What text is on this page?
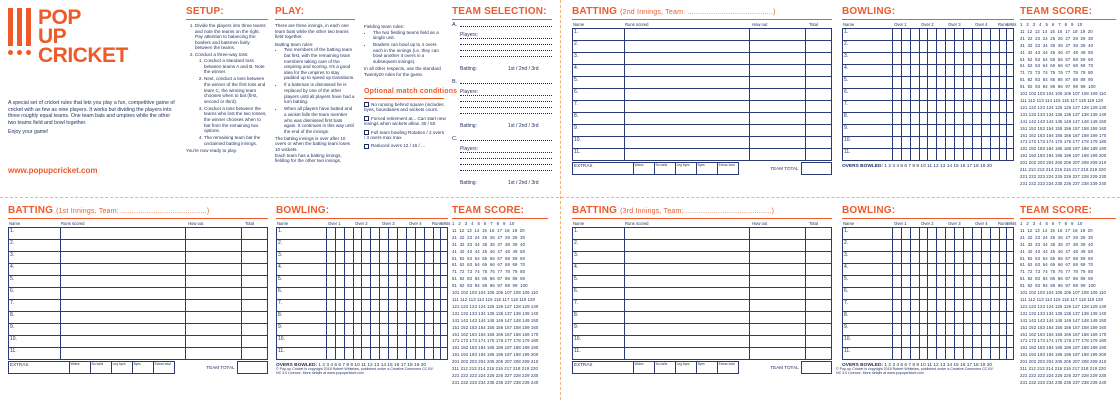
POP
UP
CRICKET
A special set of cricket rules that lets you play a fun, competitive game of cricket with as few as nine players. It works but dividing the players into three roughly equal teams. One team bats and umpires while the other two teams field and bowl together.
Enjoy your game!
www.popupcricket.com
SETUP:
1. Divide the players into three teams and note the teams on the right. Pay attention to balancing the bowlers and batsmen fairly between the teams.
2. Conduct a three-way toss:
1. Conduct a standard toss between teams A and B. Note the winner.
2. Next, conduct a toss between the winner of the first toss and team C, the winning team chooses when to bat (first, second or third).
3. Conduct a toss between the teams who lost the two tosses, the winner chooses when to bat from the remaining two options.
4. The remaining team bat the unclaimed batting innings.
You're now ready to play.
PLAY:
There are three innings, in each one team bats while the other two teams field together.
Batting team rules:
• Two members of the batting team bat first, with the remaining team members taking care of the umpiring and scoring. It's a good idea for the umpires to stay padded up to speed up transitions.
• If a batsman is dismissed he is replaced by one of the other players until all players have had a turn batting.
• When all players have batted and a wicket falls the team member who was dismissed first bats again. It continues in this way until the end of the innings.
The batting innings is over after 10 overs or when the batting team loses 10 wickets.
Each team has a batting innings, fielding for the other two innings.
Fielding team rules:
• The two fielding teams field as a single unit.
• Bowlers can bowl up to 4 overs each in the innings (i.e. they can bowl another 4 overs in a subsequent innings).
In all other respects, use the standard Twenty20 rules for the game.
Optional match conditions
No running behind square (includes byes, boundaries and wickets count.
Forced retirement at... Can start new innings when wickets allow. 30 / 50
Full team bowling Rotation / 2 overs / 3 overs max max
Reduced overs 12 / 16 / ...
TEAM SELECTION:
A.
Players:
Batting:	1st / 2nd / 3rd
B.
Players:
Batting:	1st / 2nd / 3rd
C.
Players:
Batting:	1st / 2nd / 3rd
BATTING (2nd Innings, Team: ........................................)
Name	Runs scored	How out	Total
1.			
2.			
3.			
4.			
5.			
6.			
7.			
8.			
9.			
10.			
11.			
EXTRAS	Wides	No balls	Leg byes	Byes	Extras total	TEAM TOTAL	
BATTING (1st Innings, Team: ........................................)
Name	Runs scored	How out	Total
1.			
2.			
3.			
4.			
5.			
6.			
7.			
8.			
9.			
10.			
11.			
EXTRAS	Wides	No balls	Leg byes	Byes	Extras total	TEAM TOTAL	
BATTING (3rd Innings, Team: ........................................)
Name	Runs scored	How out	Total
1.			
2.			
3.			
4.			
5.			
6.			
7.			
8.			
9.			
10.			
11.			
EXTRAS	Wides	No balls	Leg byes	Byes	Extras total	TEAM TOTAL	
BOWLING:
Name	Over 1	Over 2	Over 3	Over 4 Runs Wkts
1.														
2.														
3.														
4.														
5.														
6.														
7.														
8.														
9.														
10.														
11.														
OVERS BOWLED: 1 2 3 4 5 6 7 8 9 10 11 12 13 14 15 16 17 18 19 20
BOWLING:
Name	Over 1	Over 2	Over 3	Over 4 Runs Wkts
1.														
2.														
3.														
4.														
5.														
6.														
7.														
8.														
9.														
10.														
11.														
OVERS BOWLED: 1 2 3 4 5 6 7 8 9 10 11 12 13 14 15 16 17 18 19 20
BOWLING:
Name	Over 1	Over 2	Over 3	Over 4 Runs Wkts
1.														
2.														
3.														
4.														
5.														
6.														
7.														
8.														
9.														
10.														
11.														
OVERS BOWLED: 1 2 3 4 5 6 7 8 9 10 11 12 13 14 15 16 17 18 19 20
TEAM SCORE:
1   2   3   4   5   6   7   8   9   10
11  12  13  14  15  16  17  18  19  20
21  22  23  24  25  26  27  28  29  30
31  32  33  34  35  36  37  38  39  40
41  42  43  44  45  46  47  48  49  50
51  52  53  54  55  56  57  58  59  60
61  62  63  64  65  66  67  68  69  70
71  72  73  74  75  76  77  78  79  80
81  82  83  84  85  86  87  88  89  90
91  92  93  94  95  96  97  98  99  100
101 102 103 104 105 106 107 108 109 110
111 112 113 114 115 116 117 118 119 120
121 122 123 124 125 126 127 128 129 130
131 132 133 134 135 136 137 138 139 140
141 142 143 144 145 146 147 148 149 150
151 152 153 154 155 156 157 158 159 160
161 162 163 164 165 166 167 168 169 170
171 172 173 174 175 176 177 178 179 180
181 182 183 184 185 186 187 188 189 190
191 192 193 194 195 196 197 198 199 200
201 202 203 204 205 206 207 208 209 210
211 212 213 214 215 216 217 218 219 220
221 222 223 224 225 226 227 228 229 230
231 232 233 234 235 236 237 238 239 240
TEAM SCORE:
1   2   3   4   5   6   7   8   9   10
11  12  13  14  15  16  17  18  19  20
21  22  23  24  25  26  27  28  29  30
31  32  33  34  35  36  37  38  39  40
41  42  43  44  45  46  47  48  49  50
51  52  53  54  55  56  57  58  59  60
61  62  63  64  65  66  67  68  69  70
71  72  73  74  75  76  77  78  79  80
81  82  83  84  85  86  87  88  89  90
91  92  93  94  95  96  97  98  99  100
101 102 103 104 105 106 107 108 109 110
111 112 113 114 115 116 117 118 119 120
121 122 123 124 125 126 127 128 129 130
131 132 133 134 135 136 137 138 139 140
141 142 143 144 145 146 147 148 149 150
151 152 153 154 155 156 157 158 159 160
161 162 163 164 165 166 167 168 169 170
171 172 173 174 175 176 177 178 179 180
181 182 183 184 185 186 187 188 189 190
191 192 193 194 195 196 197 198 199 200
201 202 203 204 205 206 207 208 209 210
211 212 213 214 215 216 217 218 219 220
221 222 223 224 225 226 227 228 229 230
231 232 233 234 235 236 237 238 239 240
TEAM SCORE:
1   2   3   4   5   6   7   8   9   10
11  12  13  14  15  16  17  18  19  20
21  22  23  24  25  26  27  28  29  30
31  32  33  34  35  36  37  38  39  40
41  42  43  44  45  46  47  48  49  50
51  52  53  54  55  56  57  58  59  60
61  62  63  64  65  66  67  68  69  70
71  72  73  74  75  76  77  78  79  80
81  82  83  84  85  86  87  88  89  90
91  92  93  94  95  96  97  98  99  100
101 102 103 104 105 106 107 108 109 110
111 112 113 114 115 116 117 118 119 120
121 122 123 124 125 126 127 128 129 130
131 132 133 134 135 136 137 138 139 140
141 142 143 144 145 146 147 148 149 150
151 152 153 154 155 156 157 158 159 160
161 162 163 164 165 166 167 168 169 170
171 172 173 174 175 176 177 178 179 180
181 182 183 184 185 186 187 188 189 190
191 192 193 194 195 196 197 198 199 200
201 202 203 204 205 206 207 208 209 210
211 212 213 214 215 216 217 218 219 220
221 222 223 224 225 226 227 228 229 230
231 232 233 234 235 236 237 238 239 240
© Pop-up Cricket is copyright 2018 Robert Whitelaw, published under a Creative Commons CC BY-NC 4.0 Licence. More details at www.popupcricket.com
© Pop-up Cricket is copyright 2018 Robert Whitelaw, published under a Creative Commons CC BY-NC 4.0 Licence. More details at www.popupcricket.com
